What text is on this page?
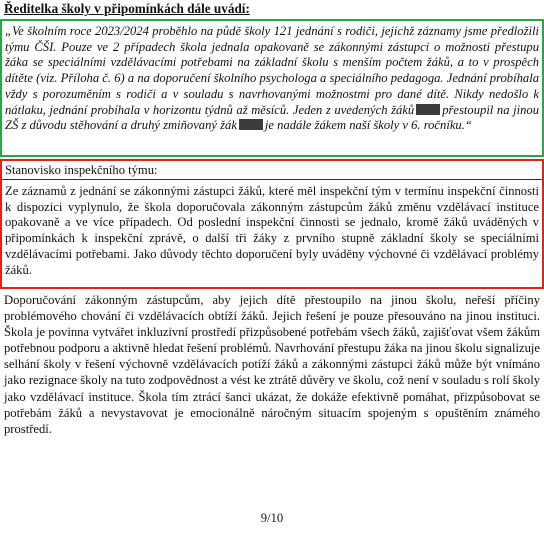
Ředitelka školy v připomínkách dále uvádí:

„Ve školním roce 2023/2024 proběhlo na půdě školy 121 jednání s rodiči, jejichž záznamy jsme předložili týmu ČŠI. Pouze ve 2 případech škola jednala opakovaně se zákonnými zástupci o možnosti přestupu žáka se speciálními vzdělávacími potřebami na základní školu s menším počtem žáků, a to v prospěch dítěte (viz. Příloha č. 6) a na doporučení školního psychologa a speciálního pedagoga. Jednání probíhala vždy s porozuměním s rodiči a v souladu s navrhovanými možnostmi pro dané dítě. Nikdy nedošlo k nátlaku, jednání probíhala v horizontu týdnů až měsíců. Jeden z uvedených žáků přestoupil na jinou ZŠ z důvodu stěhování a druhý zmiňovaný žák je nadále žákem naší školy v 6. ročníku.“

Stanovisko inspekčního týmu:

Ze záznamů z jednání se zákonnými zástupci žáků, které měl inspekční tým v termínu inspekční činnosti k dispozici vyplynulo, že škola doporučovala zákonným zástupcům žáků změnu vzdělávací instituce opakovaně a ve více případech. Od poslední inspekční činnosti se jednalo, kromě žáků uváděných v připomínkách k inspekční zprávě, o další tři žáky z prvního stupně základní školy se speciálními vzdělávacími potřebami. Jako důvody těchto doporučení byly uváděny výchovné či vzdělávací problémy žáků.

Doporučování zákonným zástupcům, aby jejich dítě přestoupilo na jinou školu, neřeší příčiny problémového chování či vzdělávacích obtíží žáků. Jejich řešení je pouze přesouváno na jinou instituci. Škola je povinna vytvářet inkluzivní prostředí přizpůsobené potřebám všech žáků, zajišťovat všem žákům potřebnou podporu a aktivně hledat řešení problémů. Navrhování přestupu žáka na jinou školu signalizuje selhání školy v řešení výchovně vzdělávacích potíží žáků a zákonnými zástupci žáků může být vnímáno jako rezignace školy na tuto zodpovědnost a vést ke ztrátě důvěry ve školu, což není v souladu s rolí školy jako vzdělávací instituce. Škola tím ztrácí šanci ukázat, že dokáže efektivně pomáhat, přizpůsobovat se potřebám žáků a nevystavovat je emocionálně náročným situacím spojeným s opuštěním známého prostředí.

9/10
